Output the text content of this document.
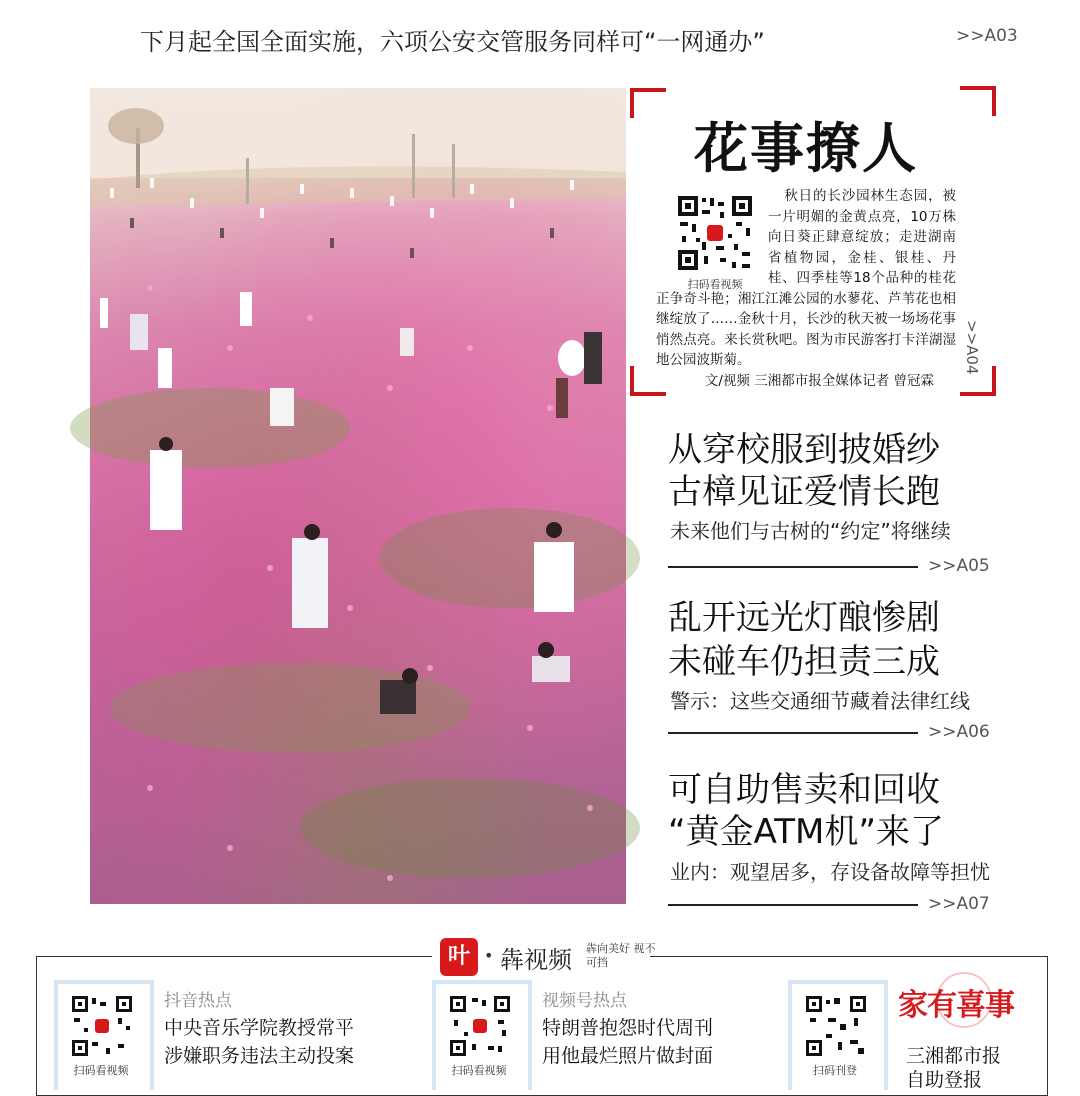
下月起全国全面实施，六项公安交管服务同样可“一网通办”	>>A03
花事撩人
扫码看视频
秋日的长沙园林生态园，被一片明媚的金黄点亮，10万株向日葵正肆意绽放；走进湖南省植物园，金桂、银桂、丹桂、四季桂等18个品种的桂花正争奇斗艳；湘江江滩公园的水蓼花、芦苇花也相继绽放了……金秋十月，长沙的秋天被一场场花事悄然点亮。来长赏秋吧。图为市民游客打卡洋湖湿地公园波斯菊。
文/视频 三湘都市报全媒体记者 曾冠霖
>>A04
从穿校服到披婚纱
古樟见证爱情长跑
未来他们与古树的“约定”将继续
>>A05
乱开远光灯酿惨剧
未碰车仍担责三成
警示：这些交通细节藏着法律红线
>>A06
可自助售卖和回收
“黄金ATM机”来了
业内：观望居多，存设备故障等担忧
>>A07
叶 • 犇视频 犇向美好 视不可挡
扫码看视频
抖音热点
中央音乐学院教授常平
涉嫌职务违法主动投案
扫码看视频
视频号热点
特朗普抱怨时代周刊
用他最烂照片做封面
扫码刊登
家有喜事
三湘都市报
自助登报
